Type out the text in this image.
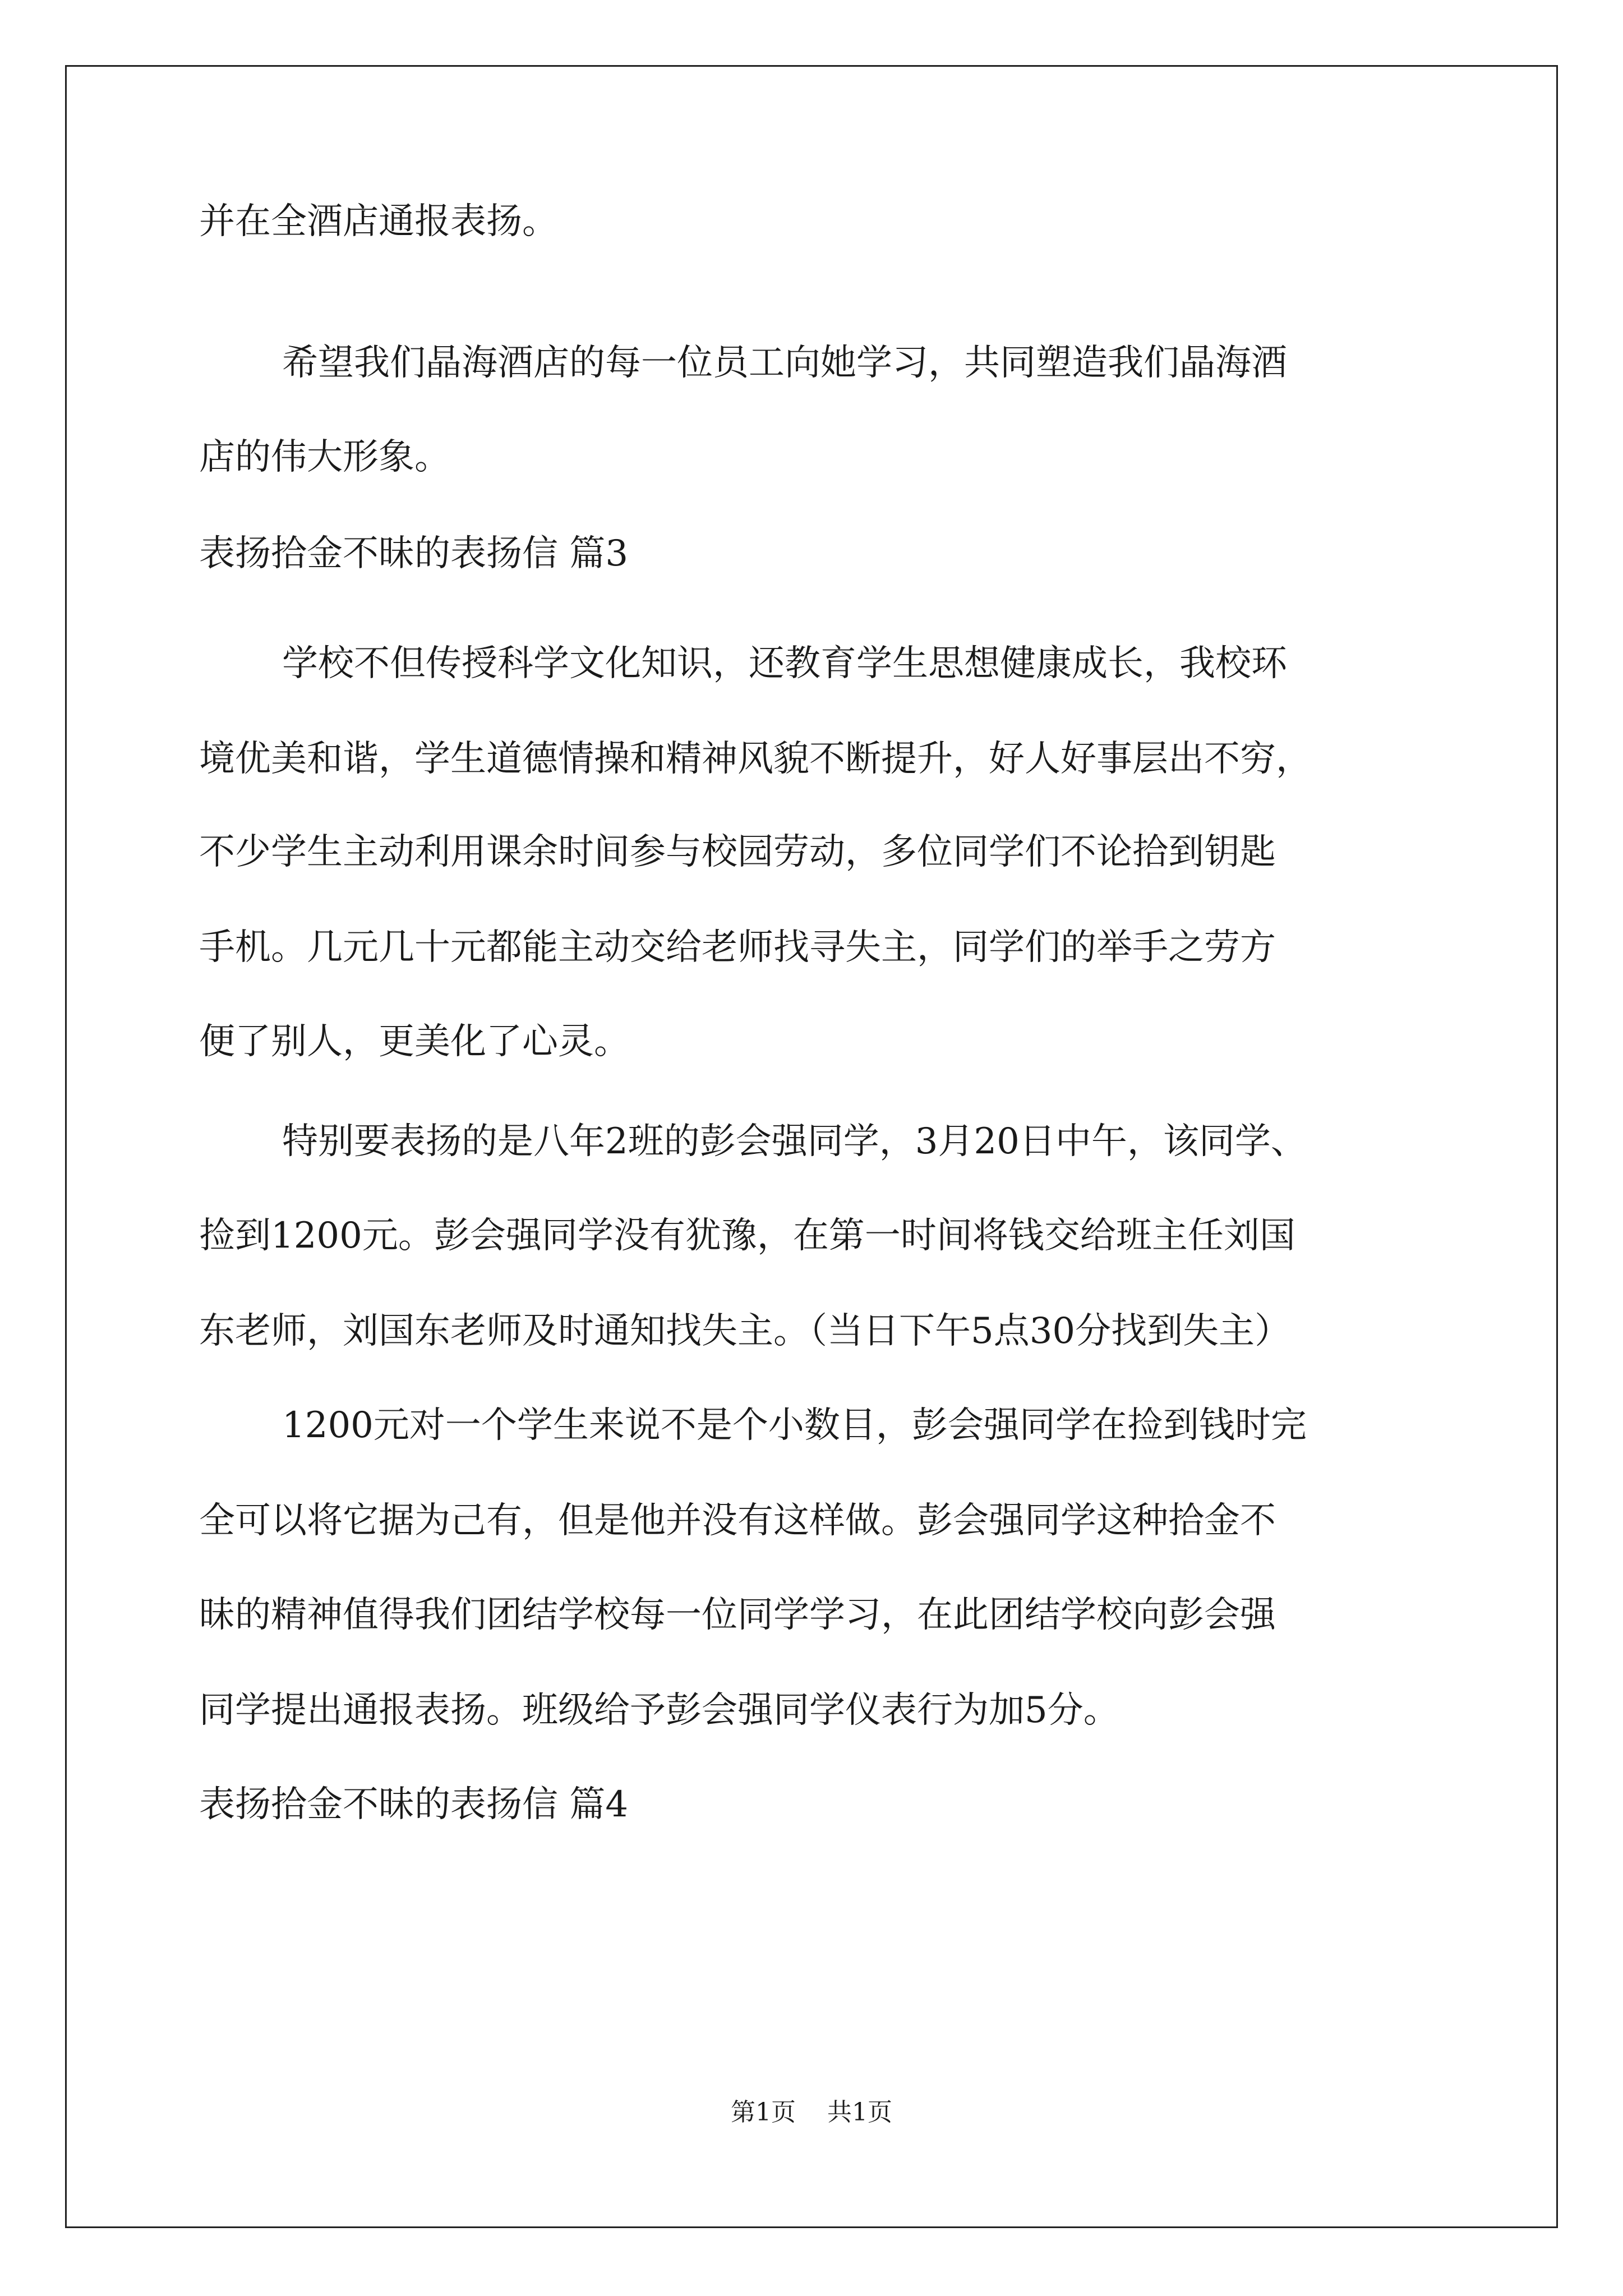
并在全酒店通报表扬。
希望我们晶海酒店的每一位员工向她学习，共同塑造我们晶海酒
店的伟大形象。
表扬拾金不昧的表扬信 篇3
学校不但传授科学文化知识，还教育学生思想健康成长，我校环
境优美和谐，学生道德情操和精神风貌不断提升，好人好事层出不穷，
不少学生主动利用课余时间参与校园劳动，多位同学们不论拾到钥匙
手机。几元几十元都能主动交给老师找寻失主，同学们的举手之劳方
便了别人，更美化了心灵。
特别要表扬的是八年2班的彭会强同学，3月20日中午，该同学、
捡到1200元。彭会强同学没有犹豫，在第一时间将钱交给班主任刘国
东老师，刘国东老师及时通知找失主。（当日下午5点30分找到失主）
1200元对一个学生来说不是个小数目，彭会强同学在捡到钱时完
全可以将它据为己有，但是他并没有这样做。彭会强同学这种拾金不
昧的精神值得我们团结学校每一位同学学习，在此团结学校向彭会强
同学提出通报表扬。班级给予彭会强同学仪表行为加5分。
表扬拾金不昧的表扬信 篇4
第1页 共1页
